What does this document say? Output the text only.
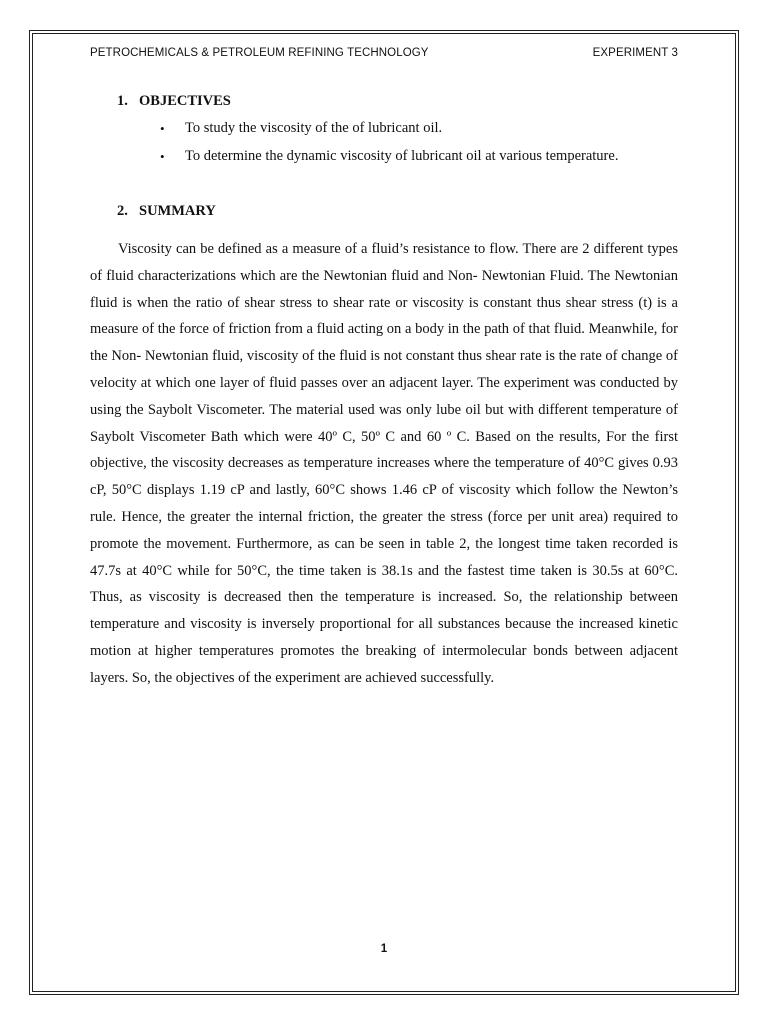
PETROCHEMICALS & PETROLEUM REFINING TECHNOLOGY	EXPERIMENT 3
1. OBJECTIVES
•	To study the viscosity of the of lubricant oil.
•	To determine the dynamic viscosity of lubricant oil at various temperature.
2. SUMMARY

Viscosity can be defined as a measure of a fluid’s resistance to flow. There are 2 different types of fluid characterizations which are the Newtonian fluid and Non- Newtonian Fluid. The Newtonian fluid is when the ratio of shear stress to shear rate or viscosity is constant thus shear stress (t) is a measure of the force of friction from a fluid acting on a body in the path of that fluid. Meanwhile, for the Non- Newtonian fluid, viscosity of the fluid is not constant thus shear rate is the rate of change of velocity at which one layer of fluid passes over an adjacent layer. The experiment was conducted by using the Saybolt Viscometer. The material used was only lube oil but with different temperature of Saybolt Viscometer Bath which were 40º C, 50º C and 60 º C. Based on the results, For the first objective, the viscosity decreases as temperature increases where the temperature of 40°C gives 0.93 cP, 50°C displays 1.19 cP and lastly, 60°C shows 1.46 cP of viscosity which follow the Newton’s rule. Hence, the greater the internal friction, the greater the stress (force per unit area) required to promote the movement. Furthermore, as can be seen in table 2, the longest time taken recorded is 47.7s at 40°C while for 50°C, the time taken is 38.1s and the fastest time taken is 30.5s at 60°C. Thus, as viscosity is decreased then the temperature is increased. So, the relationship between temperature and viscosity is inversely proportional for all substances because the increased kinetic motion at higher temperatures promotes the breaking of intermolecular bonds between adjacent layers. So, the objectives of the experiment are achieved successfully.

1
